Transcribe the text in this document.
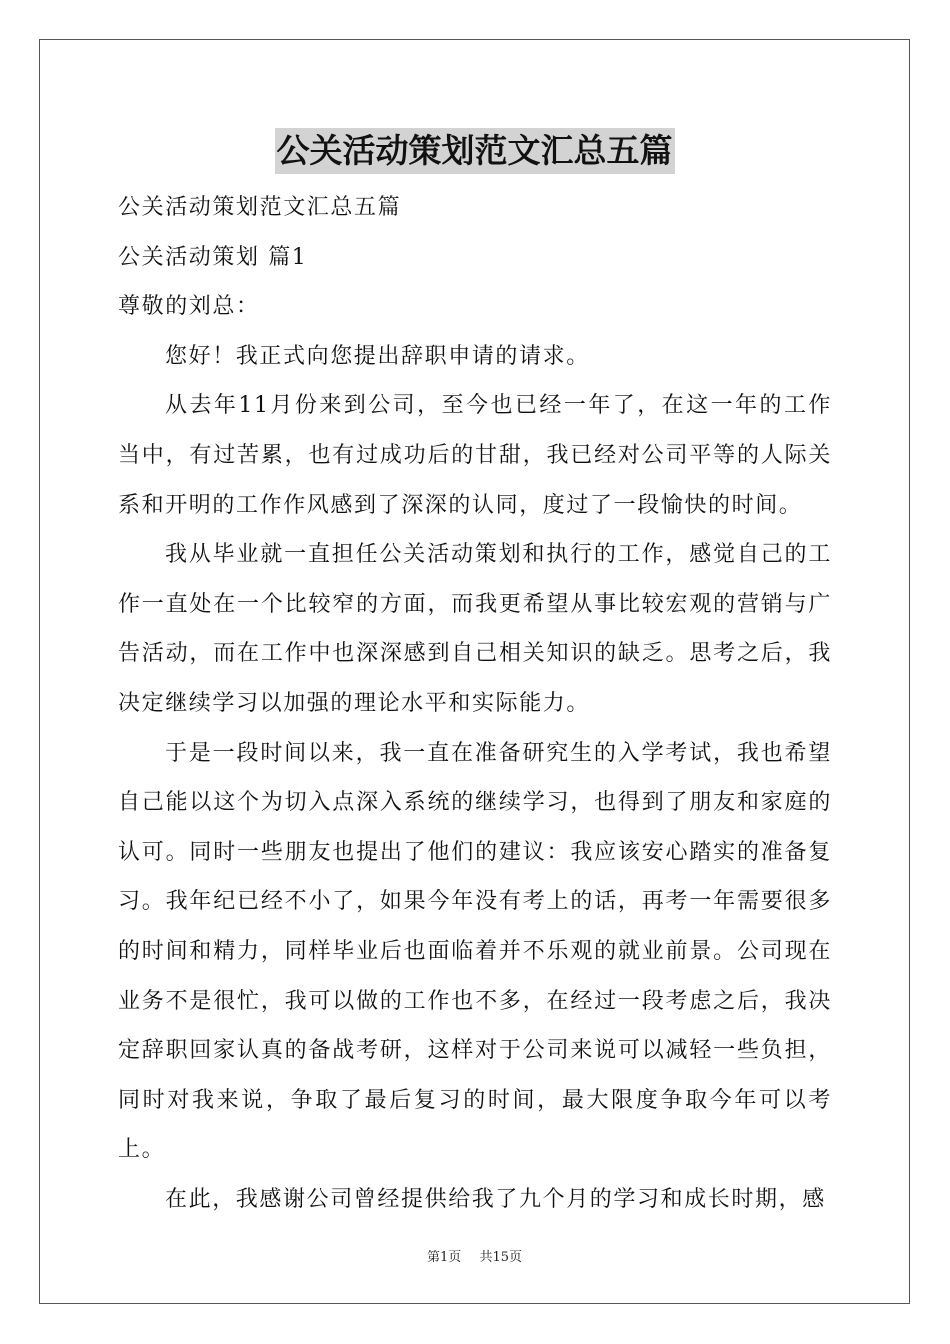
公关活动策划范文汇总五篇

公关活动策划范文汇总五篇

公关活动策划 篇1

尊敬的刘总：

您好！我正式向您提出辞职申请的请求。

从去年11月份来到公司，至今也已经一年了，在这一年的工作当中，有过苦累，也有过成功后的甘甜，我已经对公司平等的人际关系和开明的工作作风感到了深深的认同，度过了一段愉快的时间。

我从毕业就一直担任公关活动策划和执行的工作，感觉自己的工作一直处在一个比较窄的方面，而我更希望从事比较宏观的营销与广告活动，而在工作中也深深感到自己相关知识的缺乏。思考之后，我决定继续学习以加强的理论水平和实际能力。

于是一段时间以来，我一直在准备研究生的入学考试，我也希望自己能以这个为切入点深入系统的继续学习，也得到了朋友和家庭的认可。同时一些朋友也提出了他们的建议：我应该安心踏实的准备复习。我年纪已经不小了，如果今年没有考上的话，再考一年需要很多的时间和精力，同样毕业后也面临着并不乐观的就业前景。公司现在业务不是很忙，我可以做的工作也不多，在经过一段考虑之后，我决定辞职回家认真的备战考研，这样对于公司来说可以减轻一些负担，同时对我来说，争取了最后复习的时间，最大限度争取今年可以考上。

在此，我感谢公司曾经提供给我了九个月的学习和成长时期，感

第1页 共15页
